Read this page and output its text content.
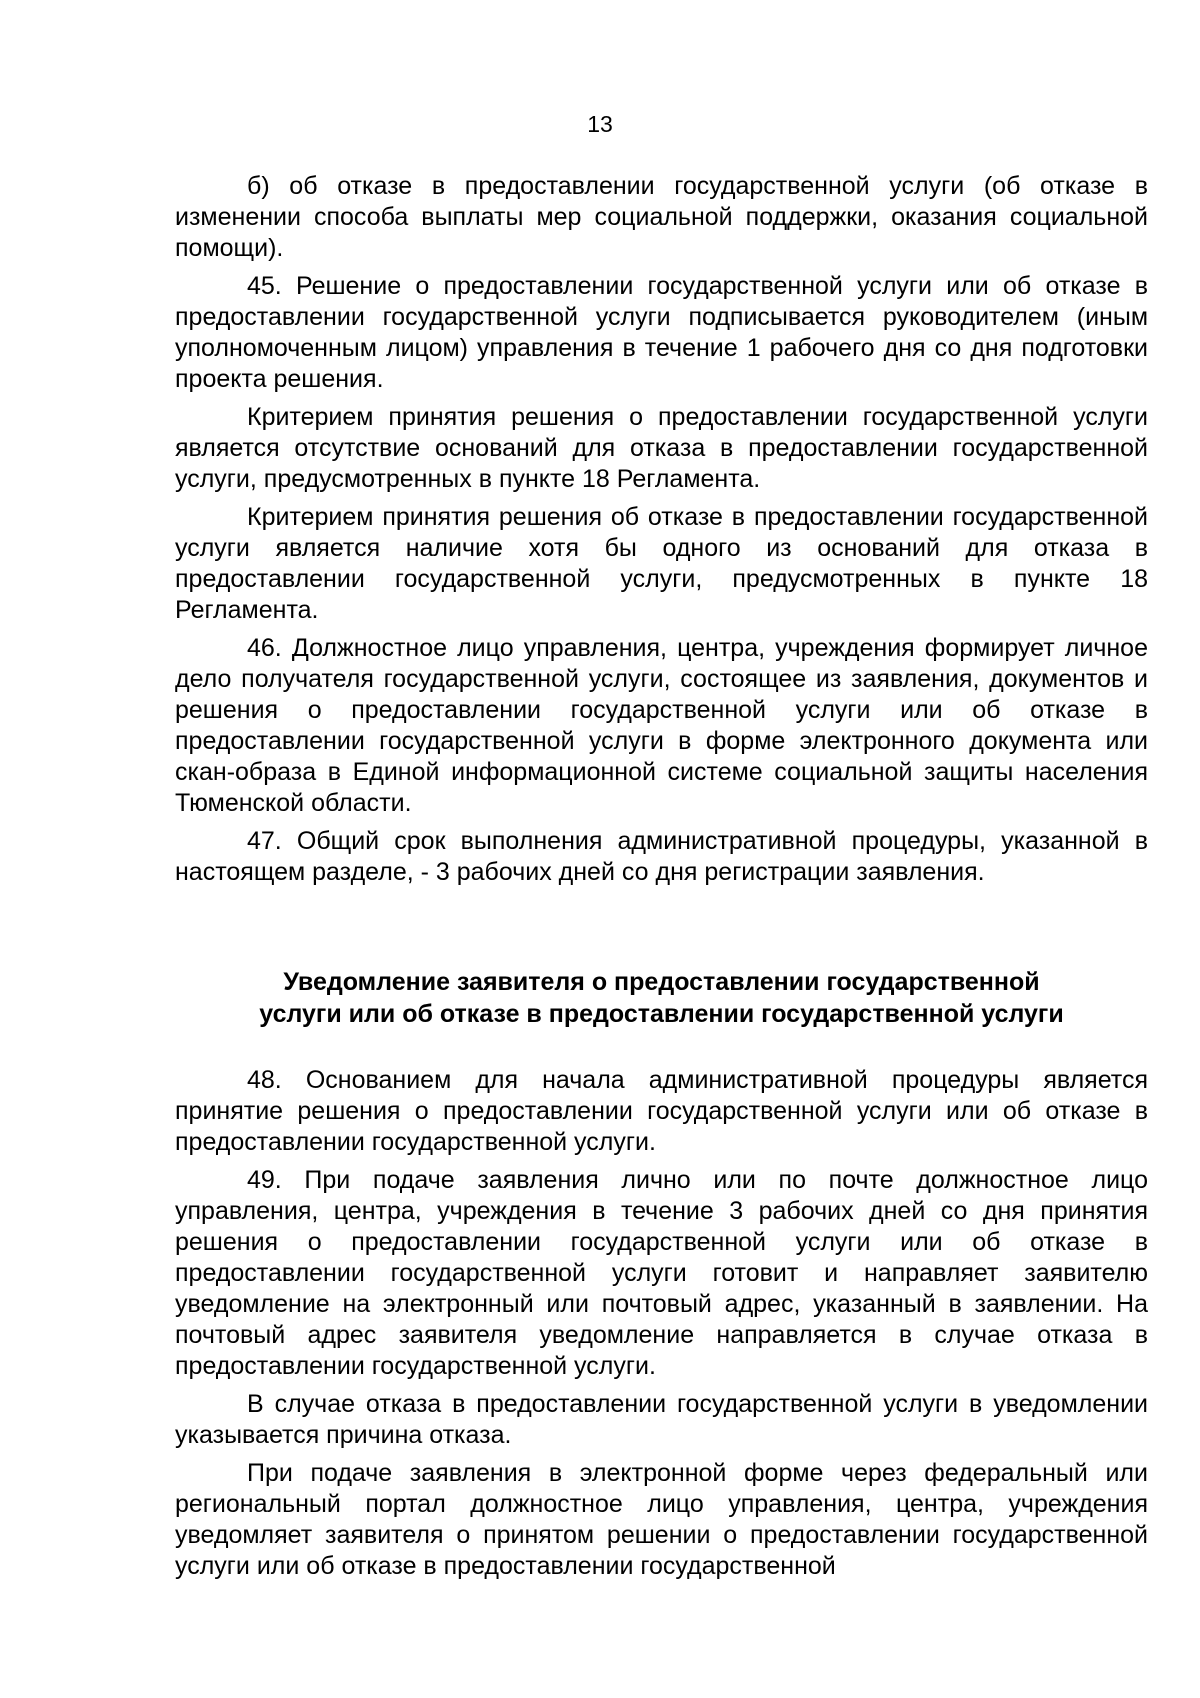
13

б) об отказе в предоставлении государственной услуги (об отказе в изменении способа выплаты мер социальной поддержки, оказания социальной помощи).

45. Решение о предоставлении государственной услуги или об отказе в предоставлении государственной услуги подписывается руководителем (иным уполномоченным лицом) управления в течение 1 рабочего дня со дня подготовки проекта решения.

Критерием принятия решения о предоставлении государственной услуги является отсутствие оснований для отказа в предоставлении государственной услуги, предусмотренных в пункте 18 Регламента.

Критерием принятия решения об отказе в предоставлении государственной услуги является наличие хотя бы одного из оснований для отказа в предоставлении государственной услуги, предусмотренных в пункте 18 Регламента.

46. Должностное лицо управления, центра, учреждения формирует личное дело получателя государственной услуги, состоящее из заявления, документов и решения о предоставлении государственной услуги или об отказе в предоставлении государственной услуги в форме электронного документа или скан-образа в Единой информационной системе социальной защиты населения Тюменской области.

47. Общий срок выполнения административной процедуры, указанной в настоящем разделе, - 3 рабочих дней со дня регистрации заявления.

Уведомление заявителя о предоставлении государственной
услуги или об отказе в предоставлении государственной услуги

48. Основанием для начала административной процедуры является принятие решения о предоставлении государственной услуги или об отказе в предоставлении государственной услуги.

49. При подаче заявления лично или по почте должностное лицо управления, центра, учреждения в течение 3 рабочих дней со дня принятия решения о предоставлении государственной услуги или об отказе в предоставлении государственной услуги готовит и направляет заявителю уведомление на электронный или почтовый адрес, указанный в заявлении. На почтовый адрес заявителя уведомление направляется в случае отказа в предоставлении государственной услуги.

В случае отказа в предоставлении государственной услуги в уведомлении указывается причина отказа.

При подаче заявления в электронной форме через федеральный или региональный портал должностное лицо управления, центра, учреждения уведомляет заявителя о принятом решении о предоставлении государственной услуги или об отказе в предоставлении государственной
